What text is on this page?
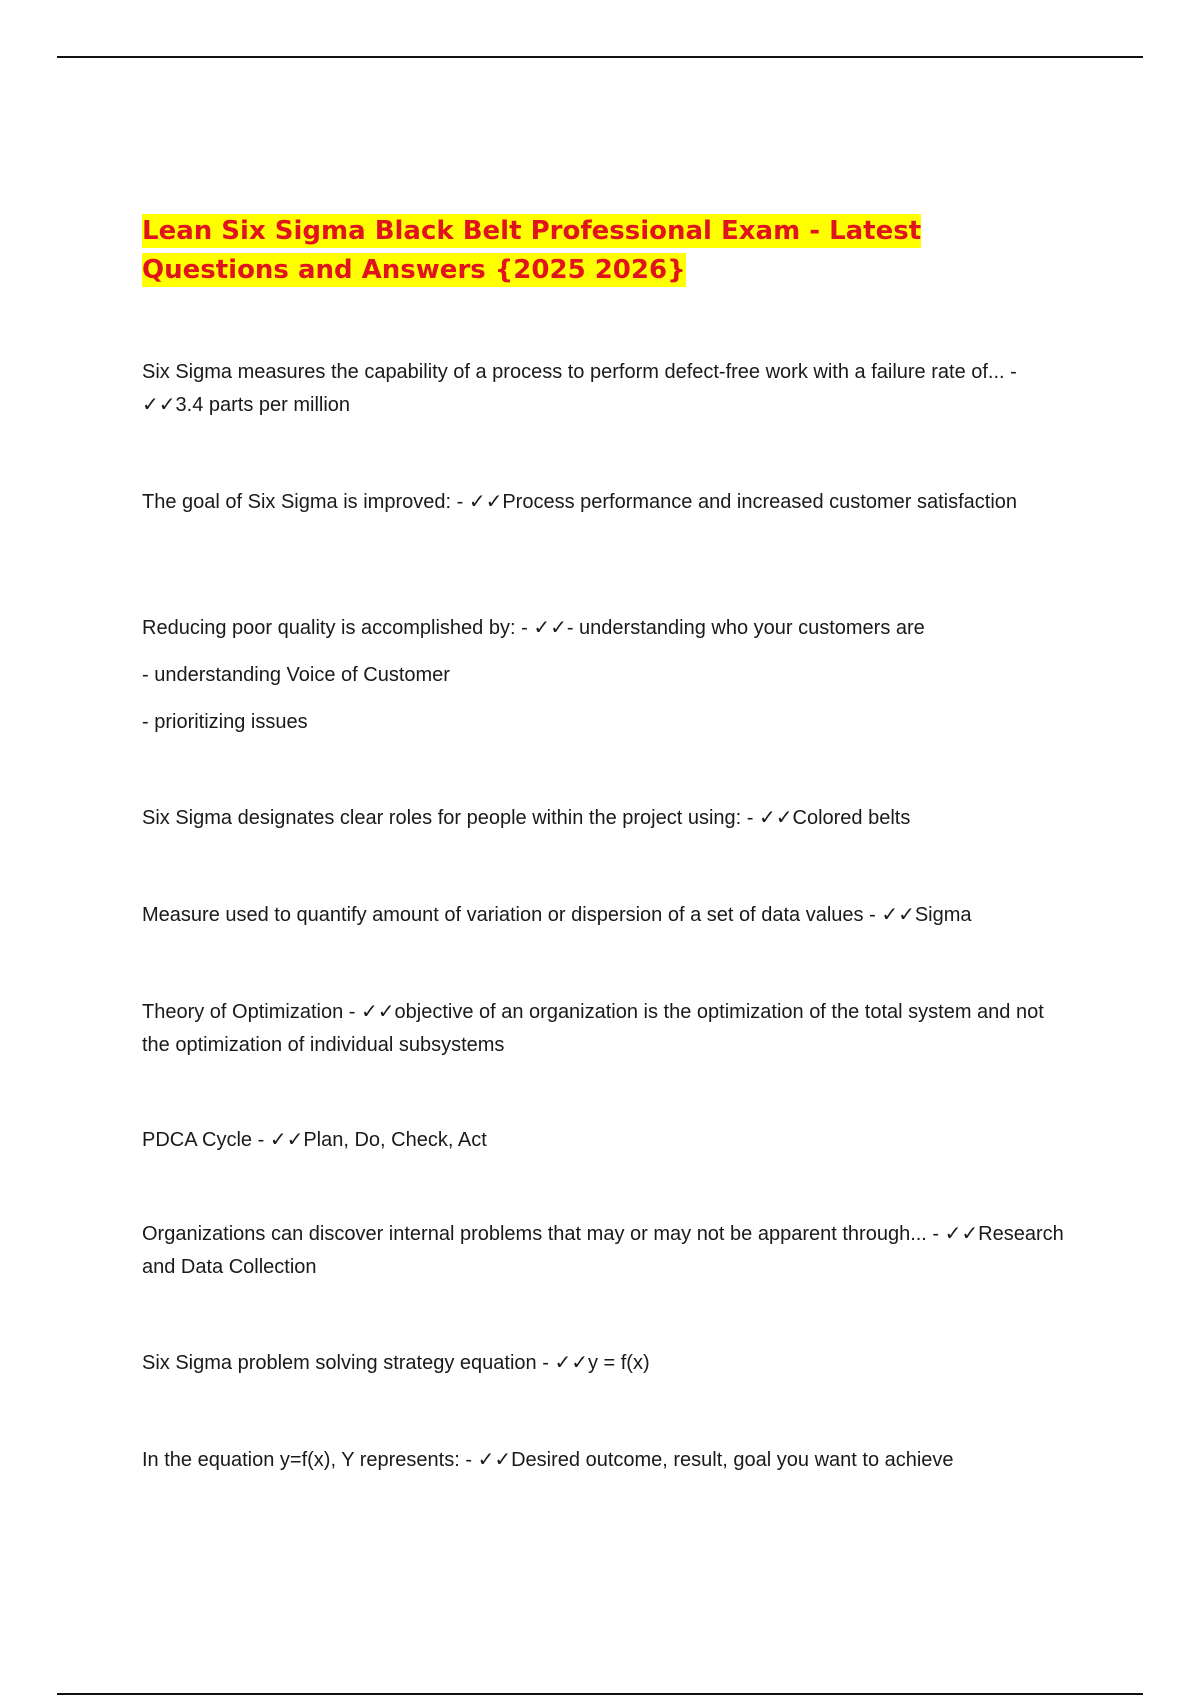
Lean Six Sigma Black Belt Professional Exam - Latest Questions and Answers {2025 2026}

Six Sigma measures the capability of a process to perform defect-free work with a failure rate of... - ✓✓3.4 parts per million

The goal of Six Sigma is improved: - ✓✓Process performance and increased customer satisfaction

Reducing poor quality is accomplished by: - ✓✓- understanding who your customers are
- understanding Voice of Customer
- prioritizing issues

Six Sigma designates clear roles for people within the project using: - ✓✓Colored belts

Measure used to quantify amount of variation or dispersion of a set of data values - ✓✓Sigma

Theory of Optimization - ✓✓objective of an organization is the optimization of the total system and not the optimization of individual subsystems

PDCA Cycle - ✓✓Plan, Do, Check, Act

Organizations can discover internal problems that may or may not be apparent through... - ✓✓Research and Data Collection

Six Sigma problem solving strategy equation - ✓✓y = f(x)

In the equation y=f(x), Y represents: - ✓✓Desired outcome, result, goal you want to achieve
